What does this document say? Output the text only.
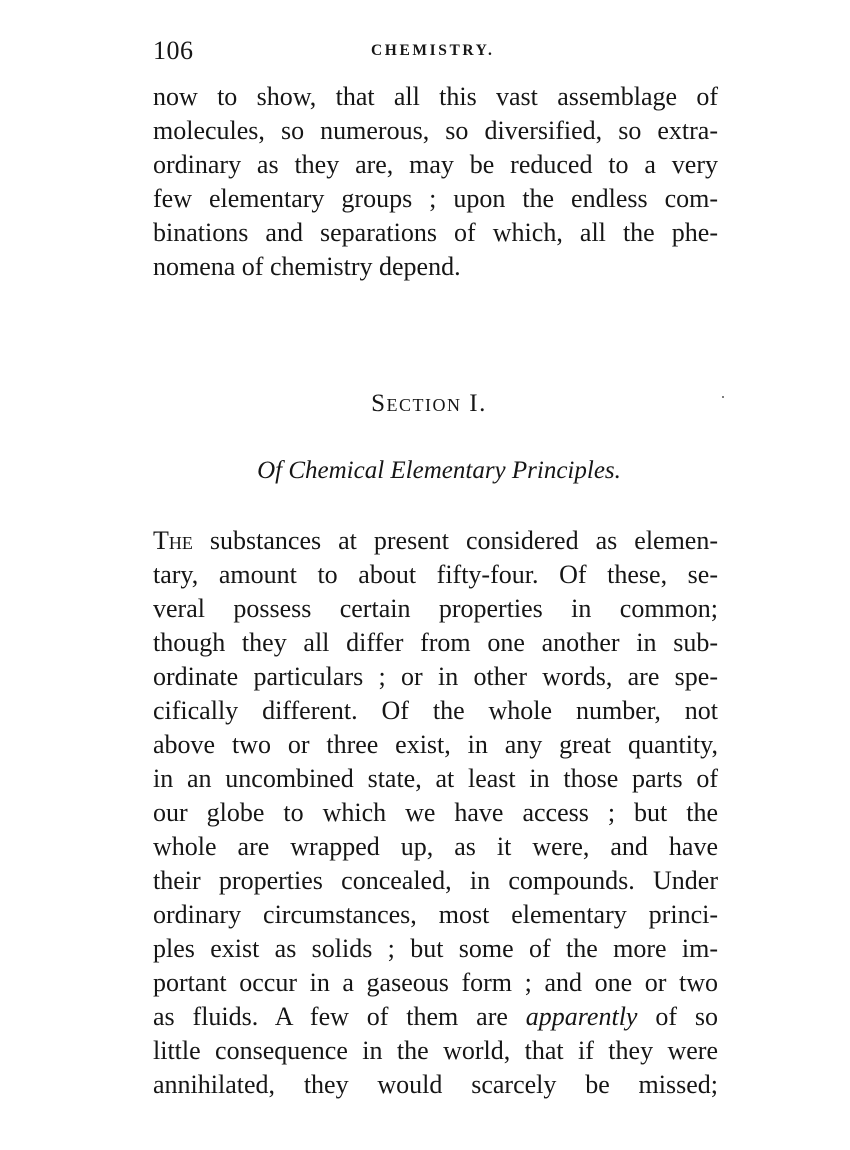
106	CHEMISTRY.
now to show, that all this vast assemblage of
molecules, so numerous, so diversified, so extra-
ordinary as they are, may be reduced to a very
few elementary groups ; upon the endless com-
binations and separations of which, all the phe-
nomena of chemistry depend.
Section I.
Of Chemical Elementary Principles.
The substances at present considered as elemen-
tary, amount to about fifty-four. Of these, se-
veral possess certain properties in common;
though they all differ from one another in sub-
ordinate particulars ; or in other words, are spe-
cifically different. Of the whole number, not
above two or three exist, in any great quantity,
in an uncombined state, at least in those parts of
our globe to which we have access ; but the
whole are wrapped up, as it were, and have
their properties concealed, in compounds. Under
ordinary circumstances, most elementary princi-
ples exist as solids ; but some of the more im-
portant occur in a gaseous form ; and one or two
as fluids. A few of them are apparently of so
little consequence in the world, that if they were
annihilated, they would scarcely be missed;
